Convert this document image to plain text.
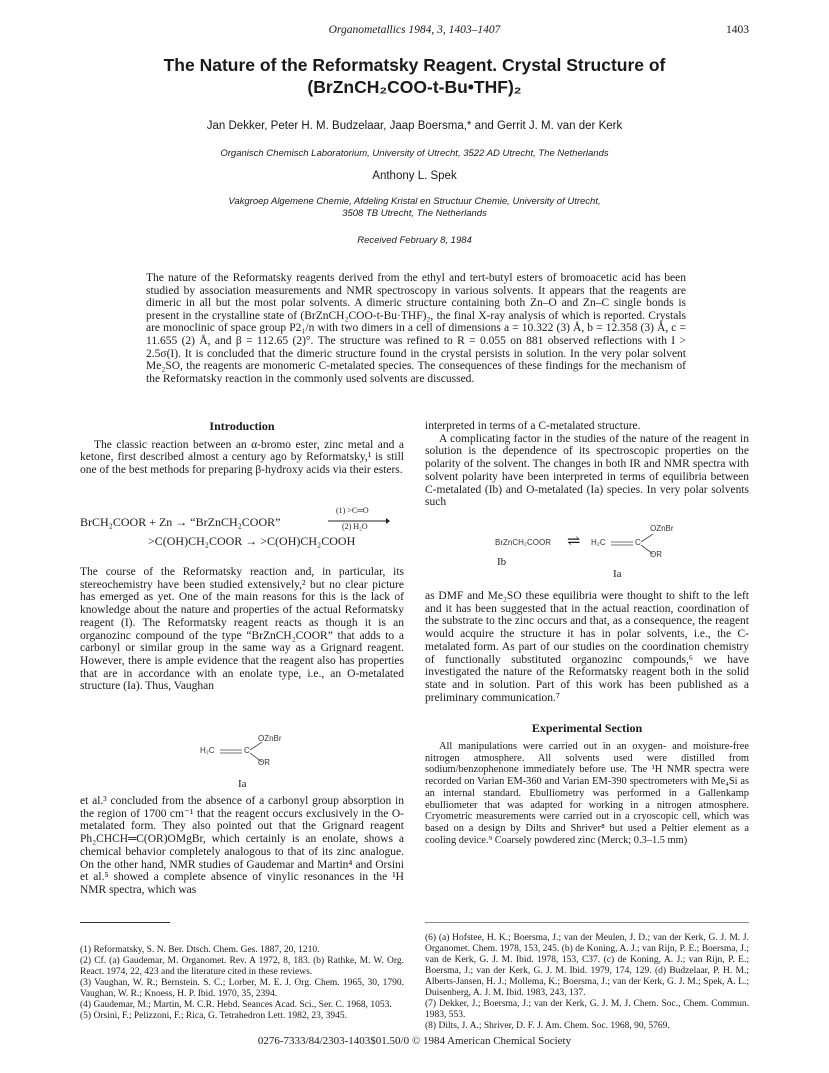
Organometallics 1984, 3, 1403–1407	1403
The Nature of the Reformatsky Reagent. Crystal Structure of
(BrZnCH₂COO-t-Bu•THF)₂
Jan Dekker, Peter H. M. Budzelaar, Jaap Boersma,* and Gerrit J. M. van der Kerk
Organisch Chemisch Laboratorium, University of Utrecht, 3522 AD Utrecht, The Netherlands
Anthony L. Spek
Vakgroep Algemene Chemie, Afdeling Kristal en Structuur Chemie, University of Utrecht,
3508 TB Utrecht, The Netherlands
Received February 8, 1984
The nature of the Reformatsky reagents derived from the ethyl and tert-butyl esters of bromoacetic acid has been studied by association measurements and NMR spectroscopy in various solvents. It appears that the reagents are dimeric in all but the most polar solvents. A dimeric structure containing both Zn–O and Zn–C single bonds is present in the crystalline state of (BrZnCH₂COO-t-Bu·THF)₂, the final X-ray analysis of which is reported. Crystals are monoclinic of space group P2₁/n with two dimers in a cell of dimensions a = 10.322 (3) Å, b = 12.358 (3) Å, c = 11.655 (2) Å, and β = 112.65 (2)°. The structure was refined to R = 0.055 on 881 observed reflections with I > 2.5σ(I). It is concluded that the dimeric structure found in the crystal persists in solution. In the very polar solvent Me₂SO, the reagents are monomeric C-metalated species. The consequences of these findings for the mechanism of the Reformatsky reaction in the commonly used solvents are discussed.
Introduction

The classic reaction between an α-bromo ester, zinc metal and a ketone, first described almost a century ago by Reformatsky,¹ is still one of the best methods for preparing β-hydroxy acids via their esters.

BrCH₂COOR + Zn → “BrZnCH₂COOR”
(1) >C═O
(2) H₂O
>C(OH)CH₂COOR → >C(OH)CH₂COOH

The course of the Reformatsky reaction and, in particular, its stereochemistry have been studied extensively,² but no clear picture has emerged as yet. One of the main reasons for this is the lack of knowledge about the nature and properties of the actual Reformatsky reagent (I). The Reformatsky reagent reacts as though it is an organozinc compound of the type “BrZnCH₂COOR” that adds to a carbonyl or similar group in the same way as a Grignard reagent. However, there is ample evidence that the reagent also has properties that are in accordance with an enolate type, i.e., an O-metalated structure (Ia). Thus, Vaughan

H₂C	C
OZnBr
OR
Ia

et al.³ concluded from the absence of a carbonyl group absorption in the region of 1700 cm⁻¹ that the reagent occurs exclusively in the O-metalated form. They also pointed out that the Grignard reagent Ph₂CHCH═C(OR)OMgBr, which certainly is an enolate, shows a chemical behavior completely analogous to that of its zinc analogue. On the other hand, NMR studies of Gaudemar and Martin⁴ and Orsini et al.⁵ showed a complete absence of vinylic resonances in the ¹H NMR spectra, which was

interpreted in terms of a C-metalated structure.

A complicating factor in the studies of the nature of the reagent in solution is the dependence of its spectroscopic properties on the polarity of the solvent. The changes in both IR and NMR spectra with solvent polarity have been interpreted in terms of equilibria between C-metalated (Ib) and O-metalated (Ia) species. In very polar solvents such

BrZnCH₂COOR ⇌ H₂C	C
OZnBr
OR
Ib
Ia

as DMF and Me₂SO these equilibria were thought to shift to the left and it has been suggested that in the actual reaction, coordination of the substrate to the zinc occurs and that, as a consequence, the reagent would acquire the structure it has in polar solvents, i.e., the C-metalated form. As part of our studies on the coordination chemistry of functionally substituted organozinc compounds,⁶ we have investigated the nature of the Reformatsky reagent both in the solid state and in solution. Part of this work has been published as a preliminary communication.⁷

Experimental Section

All manipulations were carried out in an oxygen- and moisture-free nitrogen atmosphere. All solvents used were distilled from sodium/benzophenone immediately before use. The ¹H NMR spectra were recorded on Varian EM-360 and Varian EM-390 spectrometers with Me₄Si as an internal standard. Ebulliometry was performed in a Gallenkamp ebulliometer that was adapted for working in a nitrogen atmosphere. Cryometric measurements were carried out in a cryoscopic cell, which was based on a design by Dilts and Shriver⁸ but used a Peltier element as a cooling device.⁹ Coarsely powdered zinc (Merck; 0.3–1.5 mm)

(1) Reformatsky, S. N. Ber. Dtsch. Chem. Ges. 1887, 20, 1210.

(2) Cf. (a) Gaudemar, M. Organomet. Rev. A 1972, 8, 183. (b) Rathke, M. W. Org. React. 1974, 22, 423 and the literature cited in these reviews.

(3) Vaughan, W. R.; Bernstein. S. C.; Lorber, M. E. J. Org. Chem. 1965, 30, 1790. Vaughan, W. R.; Knoess, H. P. Ibid. 1970, 35, 2394.

(4) Gaudemar, M.; Martin, M. C.R. Hebd. Seances Acad. Sci., Ser. C. 1968, 1053.

(5) Orsini, F.; Pelizzoni, F.; Rica, G. Tetrahedron Lett. 1982, 23, 3945.

(6) (a) Hofstee, H. K.; Boersma, J.; van der Meulen, J. D.; van der Kerk, G. J. M. J. Organomet. Chem. 1978, 153, 245. (b) de Koning, A. J.; van Rijn, P. E.; Boersma, J.; van de Kerk, G. J. M. Ibid. 1978, 153, C37. (c) de Koning, A. J.; van Rijn, P. E.; Boersma, J.; van der Kerk, G. J. M. Ibid. 1979, 174, 129. (d) Budzelaar, P. H. M.; Alberts-Jansen, H. J.; Mollema, K.; Boersma, J.; van der Kerk, G. J. M.; Spek, A. L.; Duisenberg, A. J. M. Ibid. 1983, 243, 137.

(7) Dekker, J.; Boersma, J.; van der Kerk, G. J. M. J. Chem. Soc., Chem. Commun. 1983, 553.

(8) Dilts, J. A.; Shriver, D. F. J. Am. Chem. Soc. 1968, 90, 5769.

0276-7333/84/2303-1403$01.50/0 © 1984 American Chemical Society
